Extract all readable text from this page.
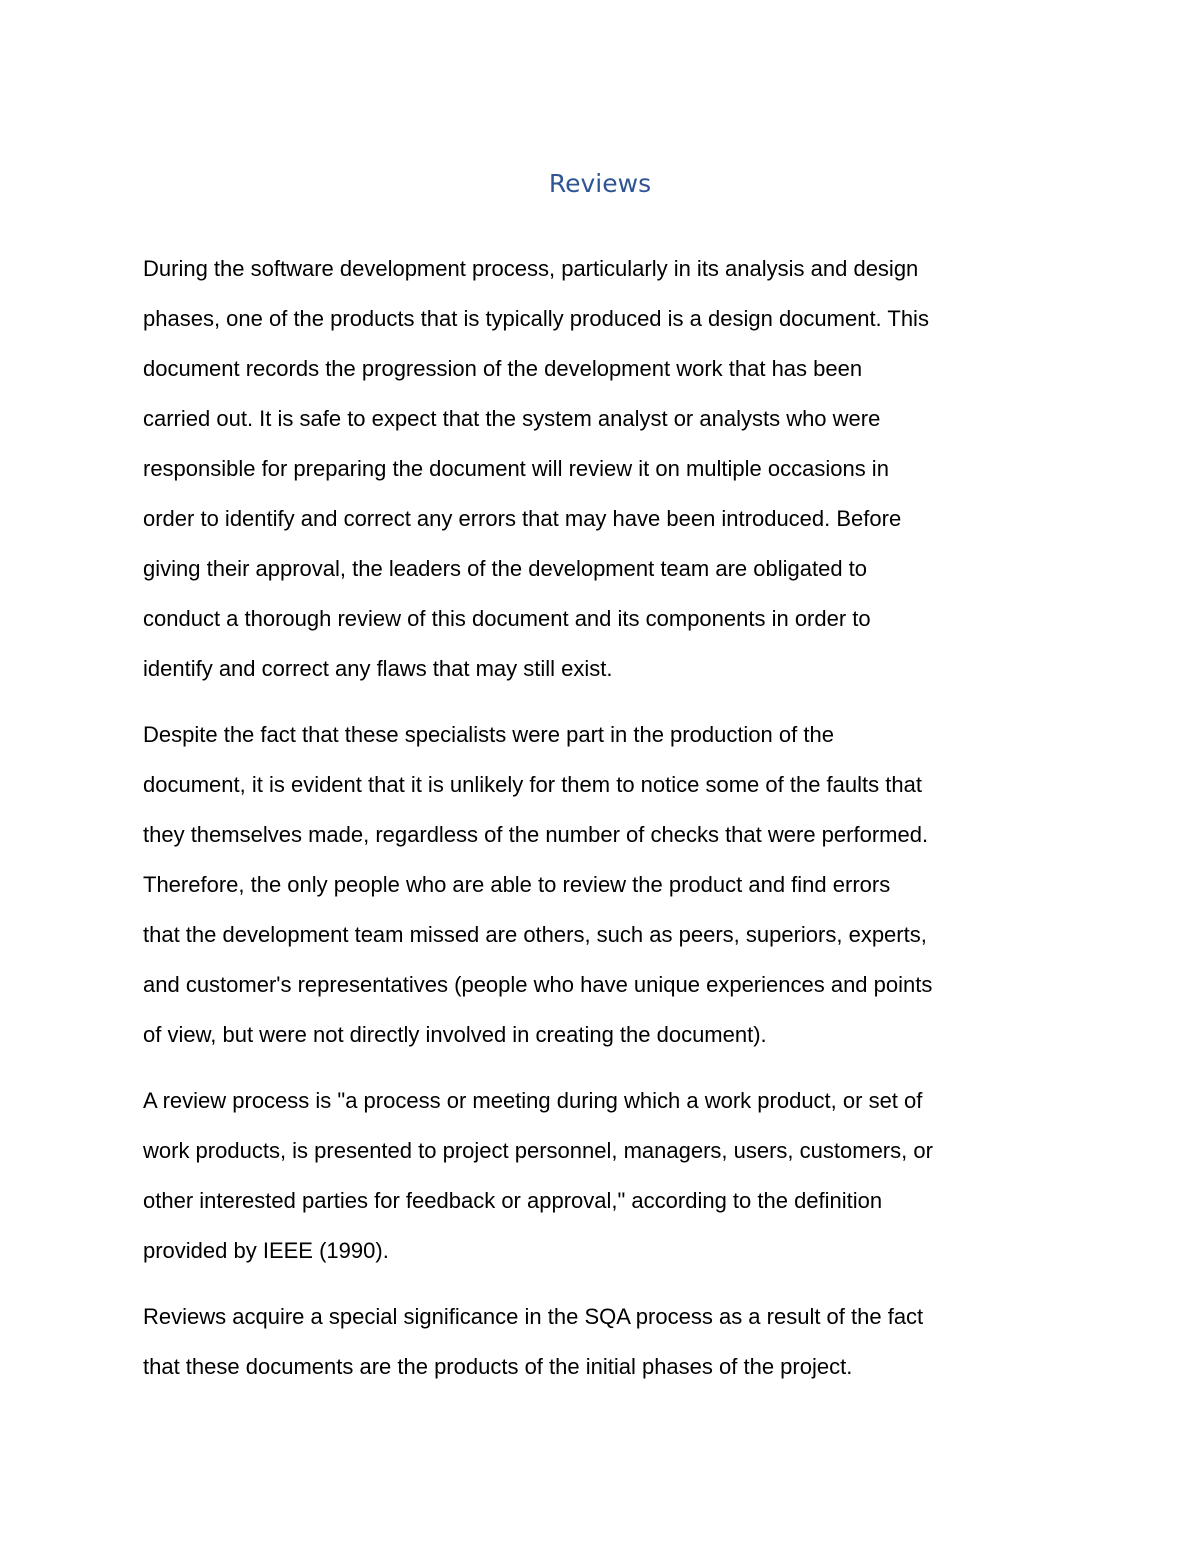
Reviews
During the software development process, particularly in its analysis and design
phases, one of the products that is typically produced is a design document. This
document records the progression of the development work that has been
carried out. It is safe to expect that the system analyst or analysts who were
responsible for preparing the document will review it on multiple occasions in
order to identify and correct any errors that may have been introduced. Before
giving their approval, the leaders of the development team are obligated to
conduct a thorough review of this document and its components in order to
identify and correct any flaws that may still exist.
Despite the fact that these specialists were part in the production of the
document, it is evident that it is unlikely for them to notice some of the faults that
they themselves made, regardless of the number of checks that were performed.
Therefore, the only people who are able to review the product and find errors
that the development team missed are others, such as peers, superiors, experts,
and customer's representatives (people who have unique experiences and points
of view, but were not directly involved in creating the document).
A review process is "a process or meeting during which a work product, or set of
work products, is presented to project personnel, managers, users, customers, or
other interested parties for feedback or approval," according to the definition
provided by IEEE (1990).
Reviews acquire a special significance in the SQA process as a result of the fact
that these documents are the products of the initial phases of the project.
